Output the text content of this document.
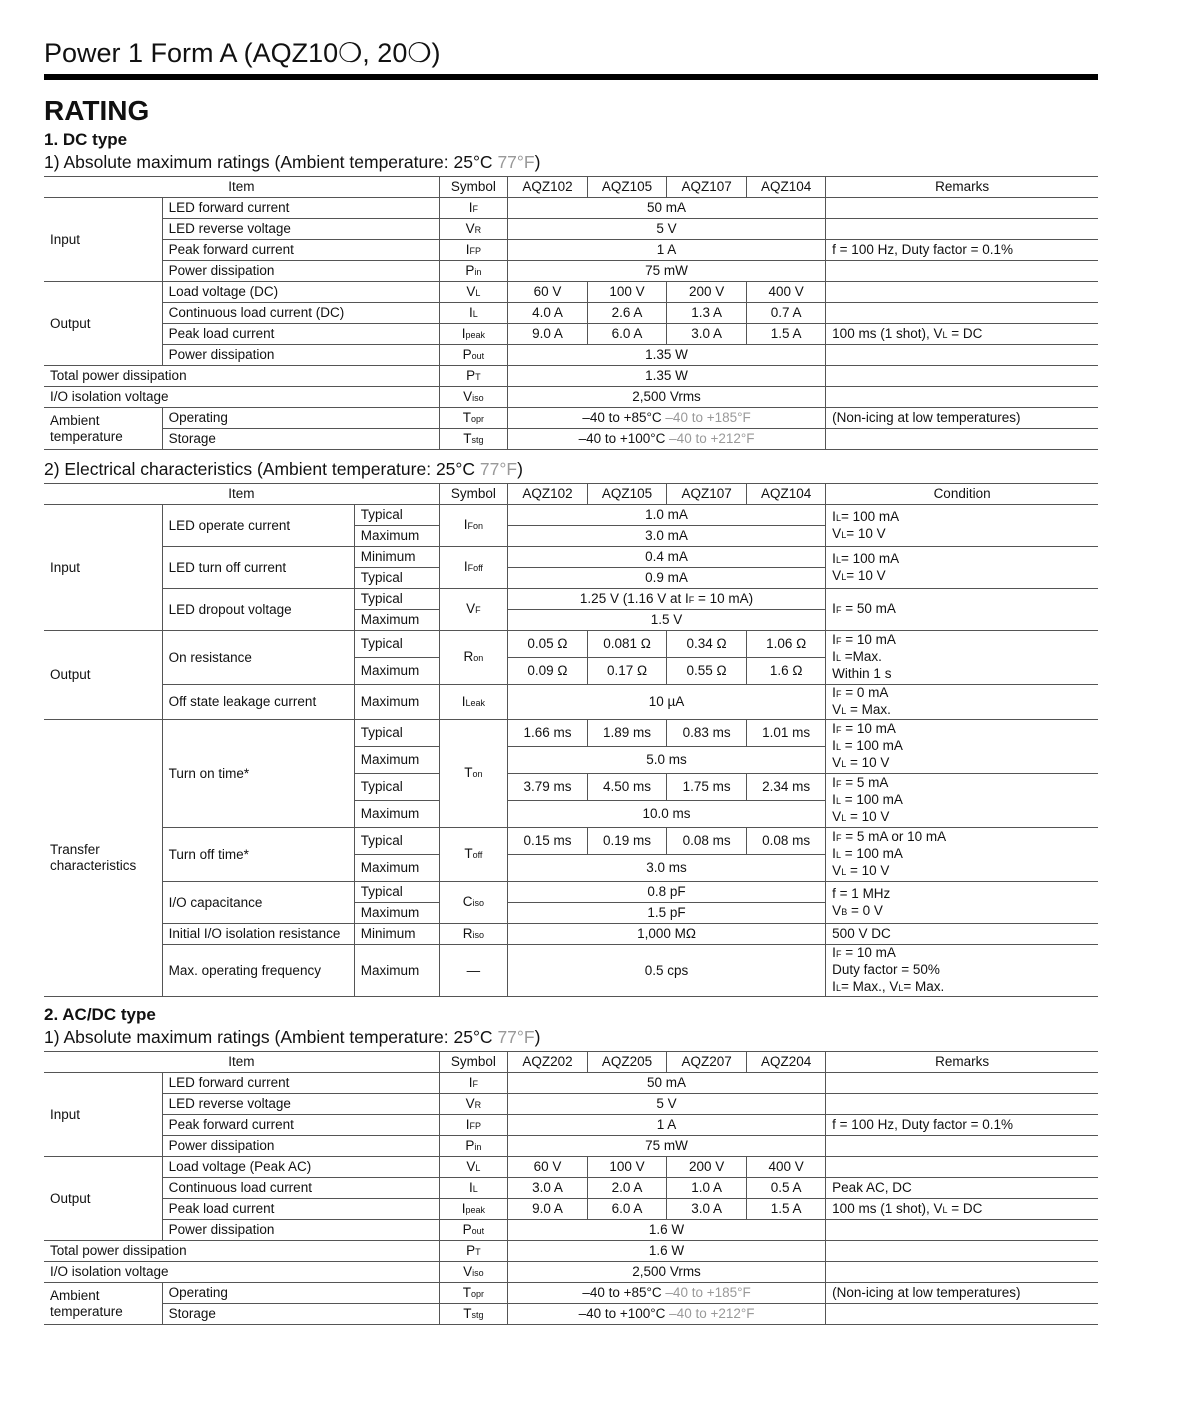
Power 1 Form A (AQZ10❍, 20❍)
RATING
1. DC type
1) Absolute maximum ratings (Ambient temperature: 25°C 77°F)
Item		Symbol	AQZ102	AQZ105	AQZ107	AQZ104	Remarks
Input	LED forward current	IF	50 mA				
	LED reverse voltage	VR	5 V				
	Peak forward current	IFP	1 A				f = 100 Hz, Duty factor = 0.1%
	Power dissipation	Pin	75 mW				
Output	Load voltage (DC)	VL	60 V	100 V	200 V	400 V	
	Continuous load current (DC)	IL	4.0 A	2.6 A	1.3 A	0.7 A	
	Peak load current	Ipeak	9.0 A	6.0 A	3.0 A	1.5 A	100 ms (1 shot), VL = DC
	Power dissipation	Pout	1.35 W				
Total power dissipation		PT	1.35 W				
I/O isolation voltage		Viso	2,500 Vrms				
Ambient temperature	Operating	Topr	–40 to +85°C –40 to +185°F				(Non-icing at low temperatures)
	Storage	Tstg	–40 to +100°C –40 to +212°F				
2) Electrical characteristics (Ambient temperature: 25°C 77°F)
Item			Symbol	AQZ102	AQZ105	AQZ107	AQZ104	Condition
Input	LED operate current	Typical	IFon	1.0 mA				IL= 100 mA
VL= 10 V

		Maximum		3.0 mA				
	LED turn off current	Minimum	IFoff	0.4 mA				IL= 100 mA
VL= 10 V

		Typical		0.9 mA				
	LED dropout voltage	Typical	VF	1.25 V (1.16 V at IF = 10 mA)				IF = 50 mA

		Maximum		1.5 V				
Output	On resistance	Typical	Ron	0.05 Ω	0.081 Ω	0.34 Ω	1.06 Ω	IF = 10 mA
IL =Max.
Within 1 s

		Maximum		0.09 Ω	0.17 Ω	0.55 Ω	1.6 Ω	
	Off state leakage current	Maximum	ILeak	10 µA				IF = 0 mA
VL = Max.

Transfer characteristics	Turn on time*	Typical	Ton	1.66 ms	1.89 ms	0.83 ms	1.01 ms	IF = 10 mA
IL = 100 mA
VL = 10 V

		Maximum		5.0 ms				
		Typical		3.79 ms	4.50 ms	1.75 ms	2.34 ms	IF = 5 mA
IL = 100 mA
VL = 10 V

		Maximum		10.0 ms				
	Turn off time*	Typical	Toff	0.15 ms	0.19 ms	0.08 ms	0.08 ms	IF = 5 mA or 10 mA
IL = 100 mA
VL = 10 V

		Maximum		3.0 ms				
	I/O capacitance	Typical	Ciso	0.8 pF				f = 1 MHz
VB = 0 V

		Maximum		1.5 pF				
	Initial I/O isolation resistance	Minimum	Riso	1,000 MΩ				500 V DC
	Max. operating frequency	Maximum	—	0.5 cps				IF = 10 mA
Duty factor = 50%
IL= Max., VL= Max.
2. AC/DC type
1) Absolute maximum ratings (Ambient temperature: 25°C 77°F)
Item		Symbol	AQZ202	AQZ205	AQZ207	AQZ204	Remarks
Input	LED forward current	IF	50 mA				
	LED reverse voltage	VR	5 V				
	Peak forward current	IFP	1 A				f = 100 Hz, Duty factor = 0.1%
	Power dissipation	Pin	75 mW				
Output	Load voltage (Peak AC)	VL	60 V	100 V	200 V	400 V	
	Continuous load current	IL	3.0 A	2.0 A	1.0 A	0.5 A	Peak AC, DC
	Peak load current	Ipeak	9.0 A	6.0 A	3.0 A	1.5 A	100 ms (1 shot), VL = DC
	Power dissipation	Pout	1.6 W				
Total power dissipation		PT	1.6 W				
I/O isolation voltage		Viso	2,500 Vrms				
Ambient temperature	Operating	Topr	–40 to +85°C –40 to +185°F				(Non-icing at low temperatures)
	Storage	Tstg	–40 to +100°C –40 to +212°F				
